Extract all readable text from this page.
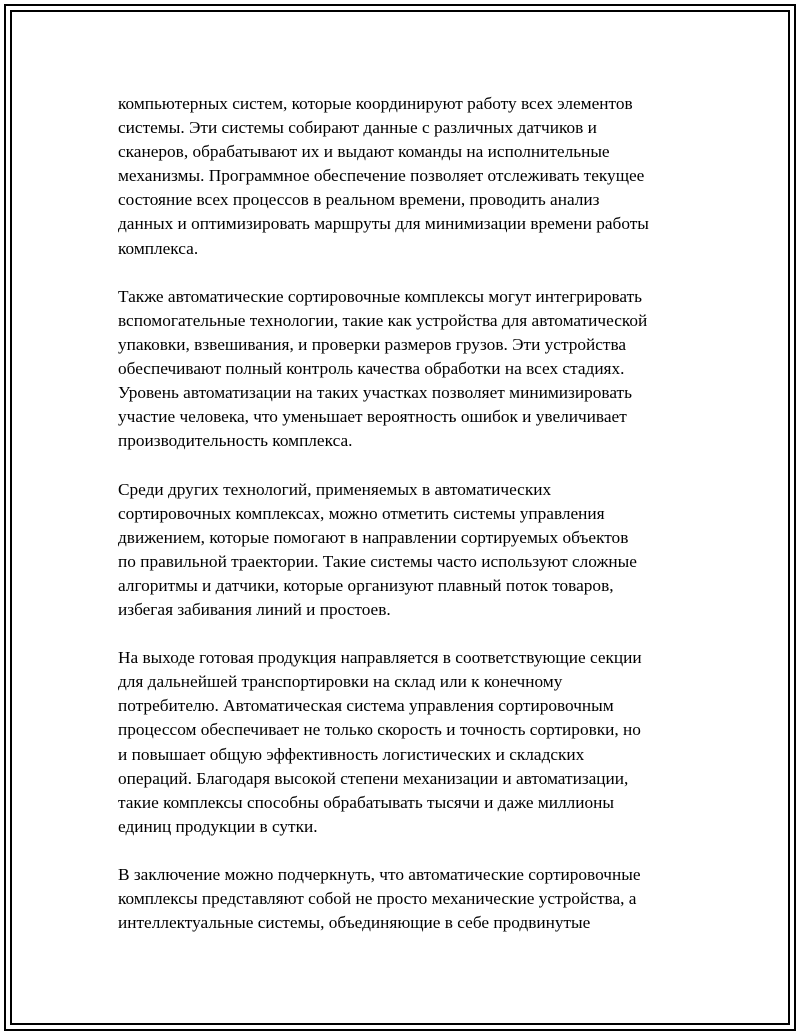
компьютерных систем, которые координируют работу всех элементов
системы. Эти системы собирают данные с различных датчиков и
сканеров, обрабатывают их и выдают команды на исполнительные
механизмы. Программное обеспечение позволяет отслеживать текущее
состояние всех процессов в реальном времени, проводить анализ
данных и оптимизировать маршруты для минимизации времени работы
комплекса.

Также автоматические сортировочные комплексы могут интегрировать
вспомогательные технологии, такие как устройства для автоматической
упаковки, взвешивания, и проверки размеров грузов. Эти устройства
обеспечивают полный контроль качества обработки на всех стадиях.
Уровень автоматизации на таких участках позволяет минимизировать
участие человека, что уменьшает вероятность ошибок и увеличивает
производительность комплекса.

Среди других технологий, применяемых в автоматических
сортировочных комплексах, можно отметить системы управления
движением, которые помогают в направлении сортируемых объектов
по правильной траектории. Такие системы часто используют сложные
алгоритмы и датчики, которые организуют плавный поток товаров,
избегая забивания линий и простоев.

На выходе готовая продукция направляется в соответствующие секции
для дальнейшей транспортировки на склад или к конечному
потребителю. Автоматическая система управления сортировочным
процессом обеспечивает не только скорость и точность сортировки, но
и повышает общую эффективность логистических и складских
операций. Благодаря высокой степени механизации и автоматизации,
такие комплексы способны обрабатывать тысячи и даже миллионы
единиц продукции в сутки.

В заключение можно подчеркнуть, что автоматические сортировочные
комплексы представляют собой не просто механические устройства, а
интеллектуальные системы, объединяющие в себе продвинутые
